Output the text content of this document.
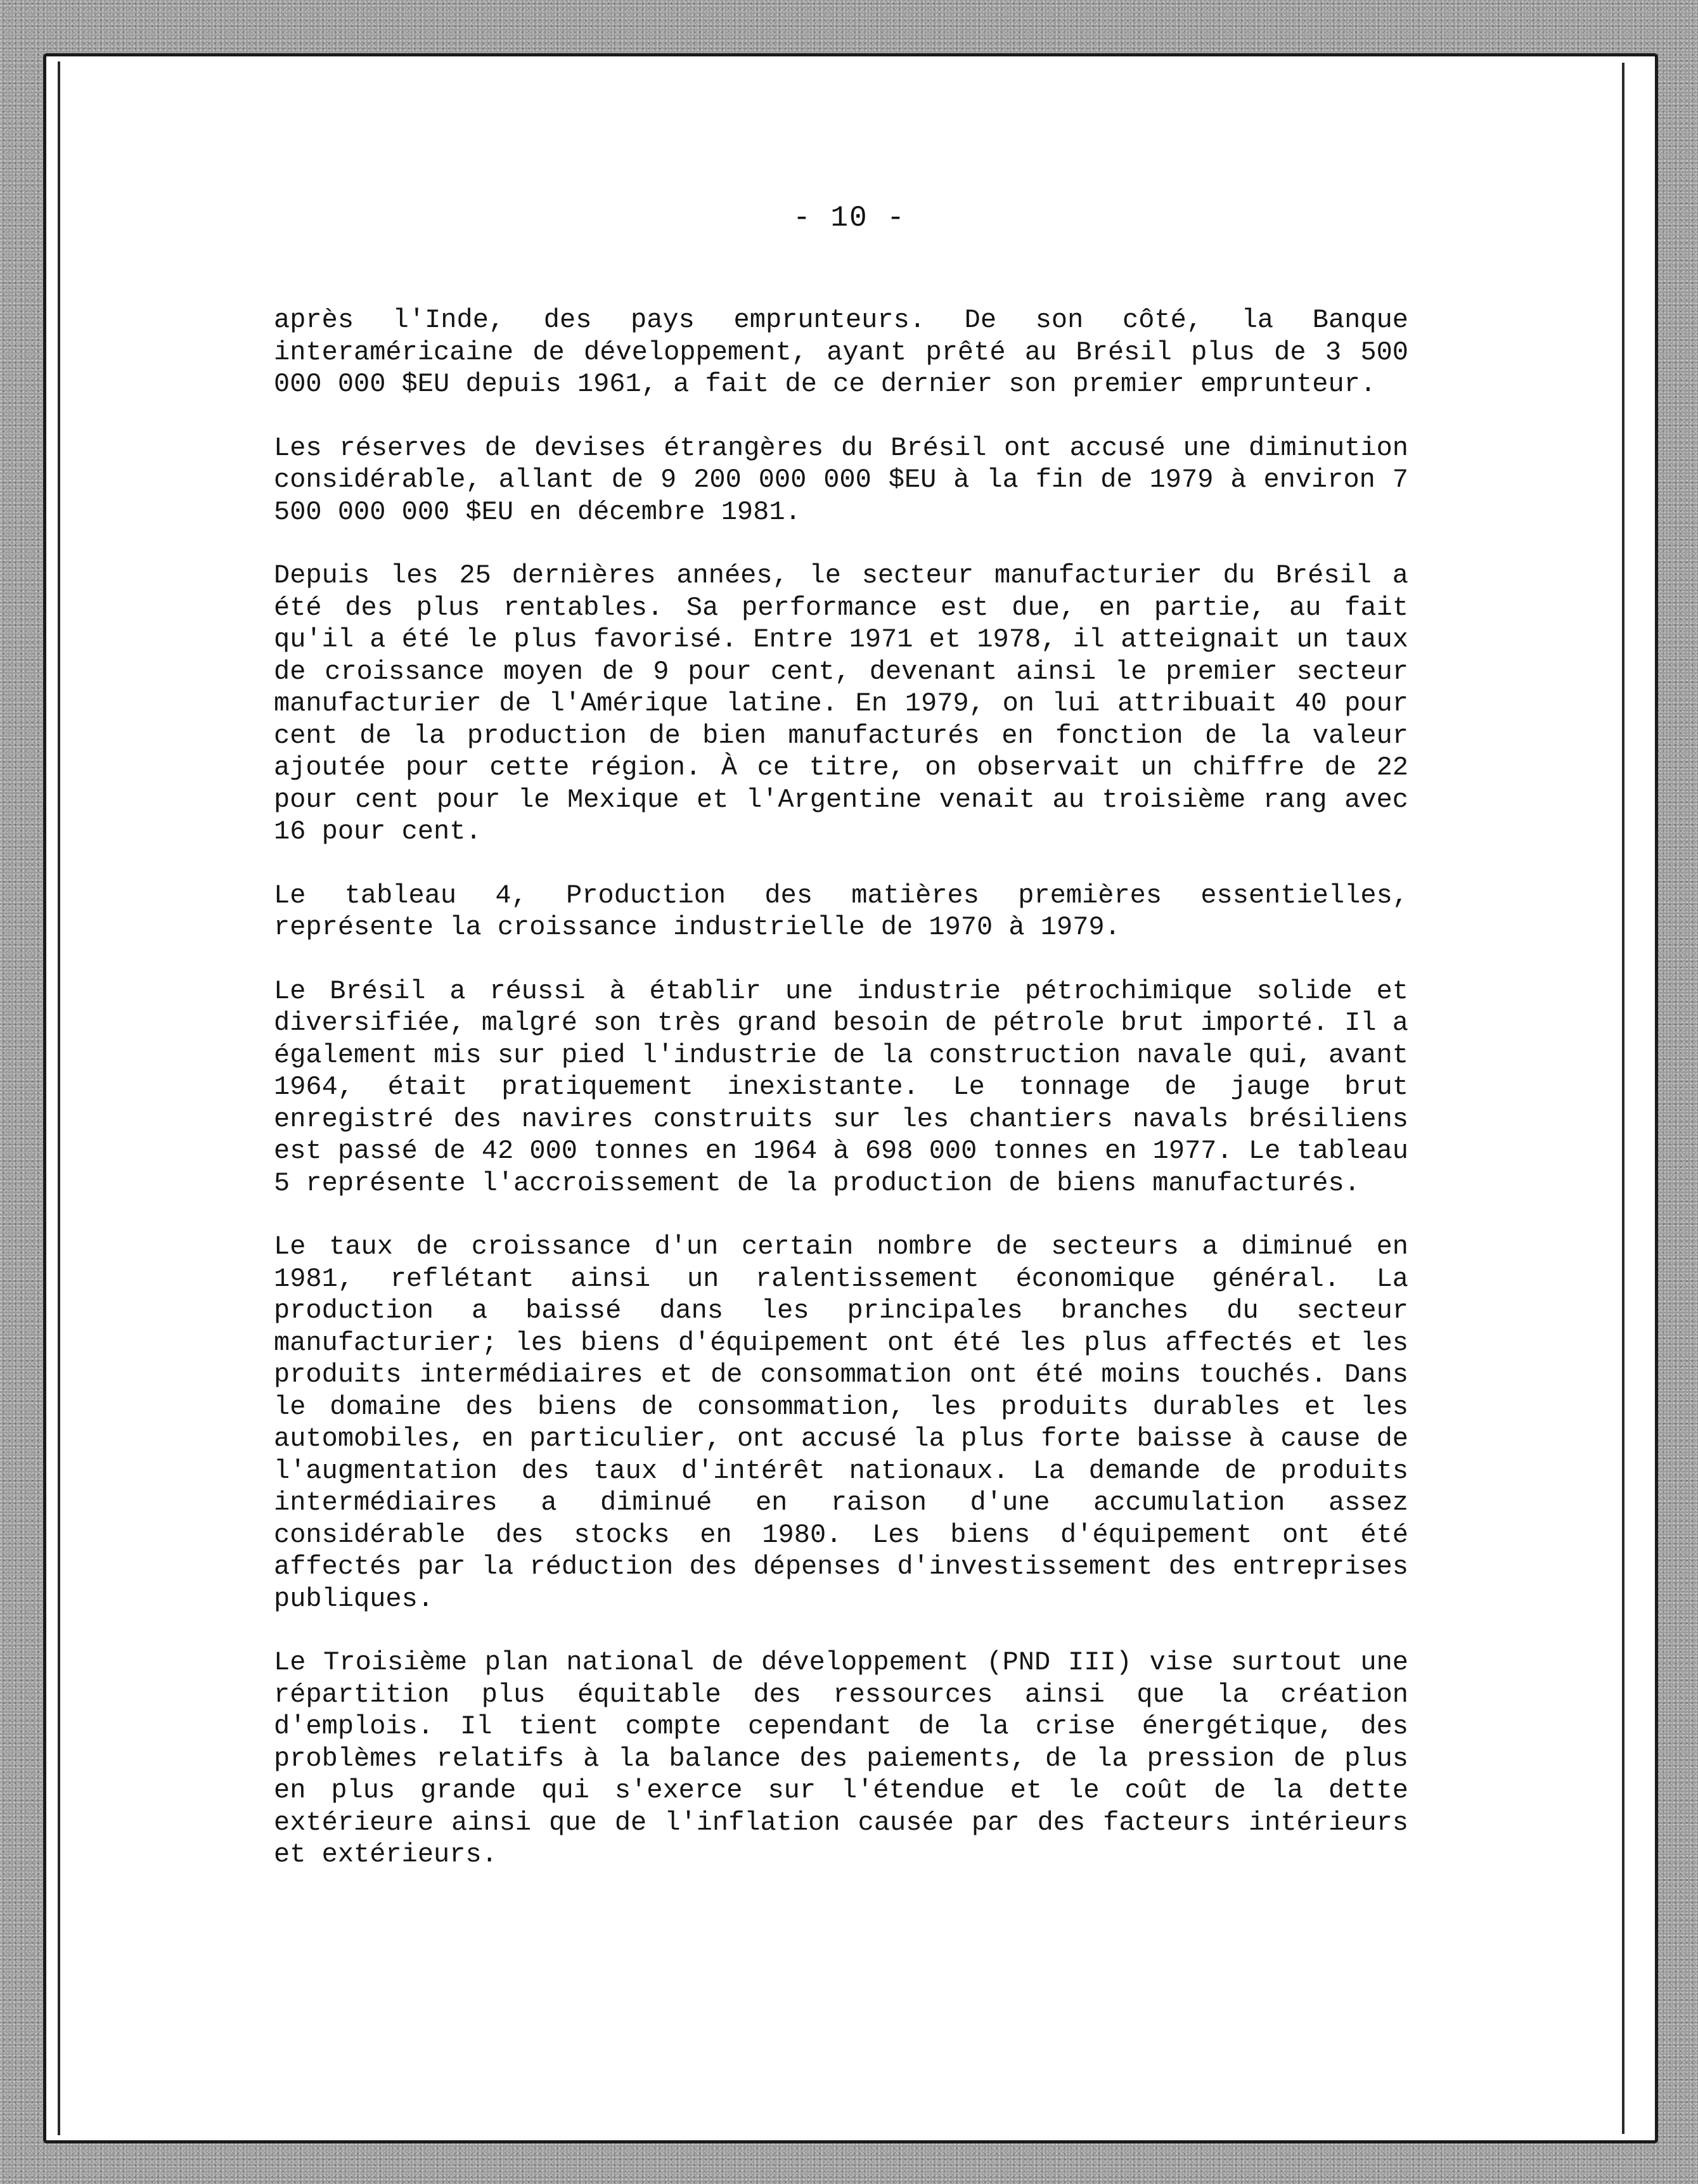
- 10 -

après l'Inde, des pays emprunteurs. De son côté, la Banque interaméricaine de développement, ayant prêté au Brésil plus de 3 500 000 000 $EU depuis 1961, a fait de ce dernier son premier emprunteur.

Les réserves de devises étrangères du Brésil ont accusé une diminution considérable, allant de 9 200 000 000 $EU à la fin de 1979 à environ 7 500 000 000 $EU en décembre 1981.

Depuis les 25 dernières années, le secteur manufacturier du Brésil a été des plus rentables. Sa performance est due, en partie, au fait qu'il a été le plus favorisé. Entre 1971 et 1978, il atteignait un taux de croissance moyen de 9 pour cent, devenant ainsi le premier secteur manufacturier de l'Amérique latine. En 1979, on lui attribuait 40 pour cent de la production de bien manufacturés en fonction de la valeur ajoutée pour cette région. À ce titre, on observait un chiffre de 22 pour cent pour le Mexique et l'Argentine venait au troisième rang avec 16 pour cent.

Le tableau 4, Production des matières premières essentielles, représente la croissance industrielle de 1970 à 1979.

Le Brésil a réussi à établir une industrie pétrochimique solide et diversifiée, malgré son très grand besoin de pétrole brut importé. Il a également mis sur pied l'industrie de la construction navale qui, avant 1964, était pratiquement inexistante. Le tonnage de jauge brut enregistré des navires construits sur les chantiers navals brésiliens est passé de 42 000 tonnes en 1964 à 698 000 tonnes en 1977. Le tableau 5 représente l'accroissement de la production de biens manufacturés.

Le taux de croissance d'un certain nombre de secteurs a diminué en 1981, reflétant ainsi un ralentissement économique général. La production a baissé dans les principales branches du secteur manufacturier; les biens d'équipement ont été les plus affectés et les produits intermédiaires et de consommation ont été moins touchés. Dans le domaine des biens de consommation, les produits durables et les automobiles, en particulier, ont accusé la plus forte baisse à cause de l'augmentation des taux d'intérêt nationaux. La demande de produits intermédiaires a diminué en raison d'une accumulation assez considérable des stocks en 1980. Les biens d'équipement ont été affectés par la réduction des dépenses d'investissement des entreprises publiques.

Le Troisième plan national de développement (PND III) vise surtout une répartition plus équitable des ressources ainsi que la création d'emplois. Il tient compte cependant de la crise énergétique, des problèmes relatifs à la balance des paiements, de la pression de plus en plus grande qui s'exerce sur l'étendue et le coût de la dette extérieure ainsi que de l'inflation causée par des facteurs intérieurs et extérieurs.
